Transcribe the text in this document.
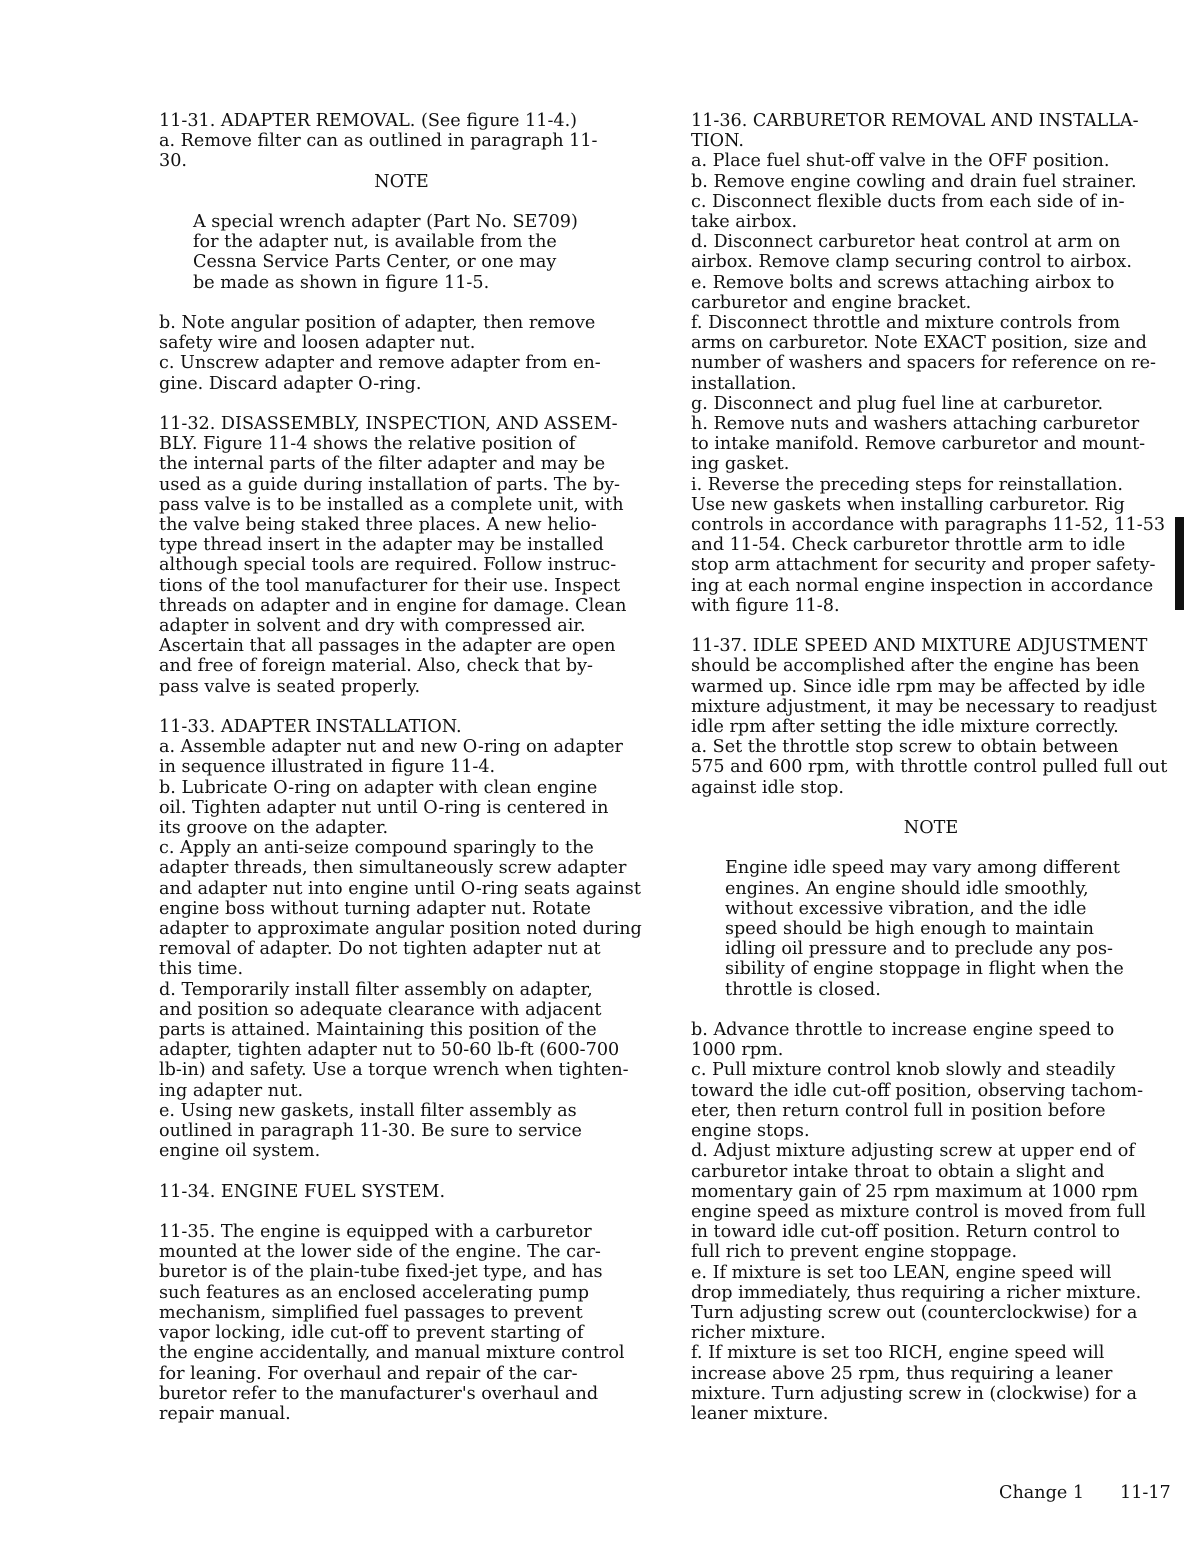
11-31. ADAPTER REMOVAL. (See figure 11-4.)
a. Remove filter can as outlined in paragraph 11-
30.
NOTE
A special wrench adapter (Part No. SE709)
for the adapter nut, is available from the
Cessna Service Parts Center, or one may
be made as shown in figure 11-5.
b. Note angular position of adapter, then remove
safety wire and loosen adapter nut.
c. Unscrew adapter and remove adapter from en-
gine. Discard adapter O-ring.
11-32. DISASSEMBLY, INSPECTION, AND ASSEM-
BLY. Figure 11-4 shows the relative position of
the internal parts of the filter adapter and may be
used as a guide during installation of parts. The by-
pass valve is to be installed as a complete unit, with
the valve being staked three places. A new helio-
type thread insert in the adapter may be installed
although special tools are required. Follow instruc-
tions of the tool manufacturer for their use. Inspect
threads on adapter and in engine for damage. Clean
adapter in solvent and dry with compressed air.
Ascertain that all passages in the adapter are open
and free of foreign material. Also, check that by-
pass valve is seated properly.
11-33. ADAPTER INSTALLATION.
a. Assemble adapter nut and new O-ring on adapter
in sequence illustrated in figure 11-4.
b. Lubricate O-ring on adapter with clean engine
oil. Tighten adapter nut until O-ring is centered in
its groove on the adapter.
c. Apply an anti-seize compound sparingly to the
adapter threads, then simultaneously screw adapter
and adapter nut into engine until O-ring seats against
engine boss without turning adapter nut. Rotate
adapter to approximate angular position noted during
removal of adapter. Do not tighten adapter nut at
this time.
d. Temporarily install filter assembly on adapter,
and position so adequate clearance with adjacent
parts is attained. Maintaining this position of the
adapter, tighten adapter nut to 50-60 lb-ft (600-700
lb-in) and safety. Use a torque wrench when tighten-
ing adapter nut.
e. Using new gaskets, install filter assembly as
outlined in paragraph 11-30. Be sure to service
engine oil system.
11-34. ENGINE FUEL SYSTEM.
11-35. The engine is equipped with a carburetor
mounted at the lower side of the engine. The car-
buretor is of the plain-tube fixed-jet type, and has
such features as an enclosed accelerating pump
mechanism, simplified fuel passages to prevent
vapor locking, idle cut-off to prevent starting of
the engine accidentally, and manual mixture control
for leaning. For overhaul and repair of the car-
buretor refer to the manufacturer's overhaul and
repair manual.
11-36. CARBURETOR REMOVAL AND INSTALLA-
TION.
a. Place fuel shut-off valve in the OFF position.
b. Remove engine cowling and drain fuel strainer.
c. Disconnect flexible ducts from each side of in-
take airbox.
d. Disconnect carburetor heat control at arm on
airbox. Remove clamp securing control to airbox.
e. Remove bolts and screws attaching airbox to
carburetor and engine bracket.
f. Disconnect throttle and mixture controls from
arms on carburetor. Note EXACT position, size and
number of washers and spacers for reference on re-
installation.
g. Disconnect and plug fuel line at carburetor.
h. Remove nuts and washers attaching carburetor
to intake manifold. Remove carburetor and mount-
ing gasket.
i. Reverse the preceding steps for reinstallation.
Use new gaskets when installing carburetor. Rig
controls in accordance with paragraphs 11-52, 11-53
and 11-54. Check carburetor throttle arm to idle
stop arm attachment for security and proper safety-
ing at each normal engine inspection in accordance
with figure 11-8.
11-37. IDLE SPEED AND MIXTURE ADJUSTMENT
should be accomplished after the engine has been
warmed up. Since idle rpm may be affected by idle
mixture adjustment, it may be necessary to readjust
idle rpm after setting the idle mixture correctly.
a. Set the throttle stop screw to obtain between
575 and 600 rpm, with throttle control pulled full out
against idle stop.
NOTE
Engine idle speed may vary among different
engines. An engine should idle smoothly,
without excessive vibration, and the idle
speed should be high enough to maintain
idling oil pressure and to preclude any pos-
sibility of engine stoppage in flight when the
throttle is closed.
b. Advance throttle to increase engine speed to
1000 rpm.
c. Pull mixture control knob slowly and steadily
toward the idle cut-off position, observing tachom-
eter, then return control full in position before
engine stops.
d. Adjust mixture adjusting screw at upper end of
carburetor intake throat to obtain a slight and
momentary gain of 25 rpm maximum at 1000 rpm
engine speed as mixture control is moved from full
in toward idle cut-off position. Return control to
full rich to prevent engine stoppage.
e. If mixture is set too LEAN, engine speed will
drop immediately, thus requiring a richer mixture.
Turn adjusting screw out (counterclockwise) for a
richer mixture.
f. If mixture is set too RICH, engine speed will
increase above 25 rpm, thus requiring a leaner
mixture. Turn adjusting screw in (clockwise) for a
leaner mixture.
Change 1 11-17
